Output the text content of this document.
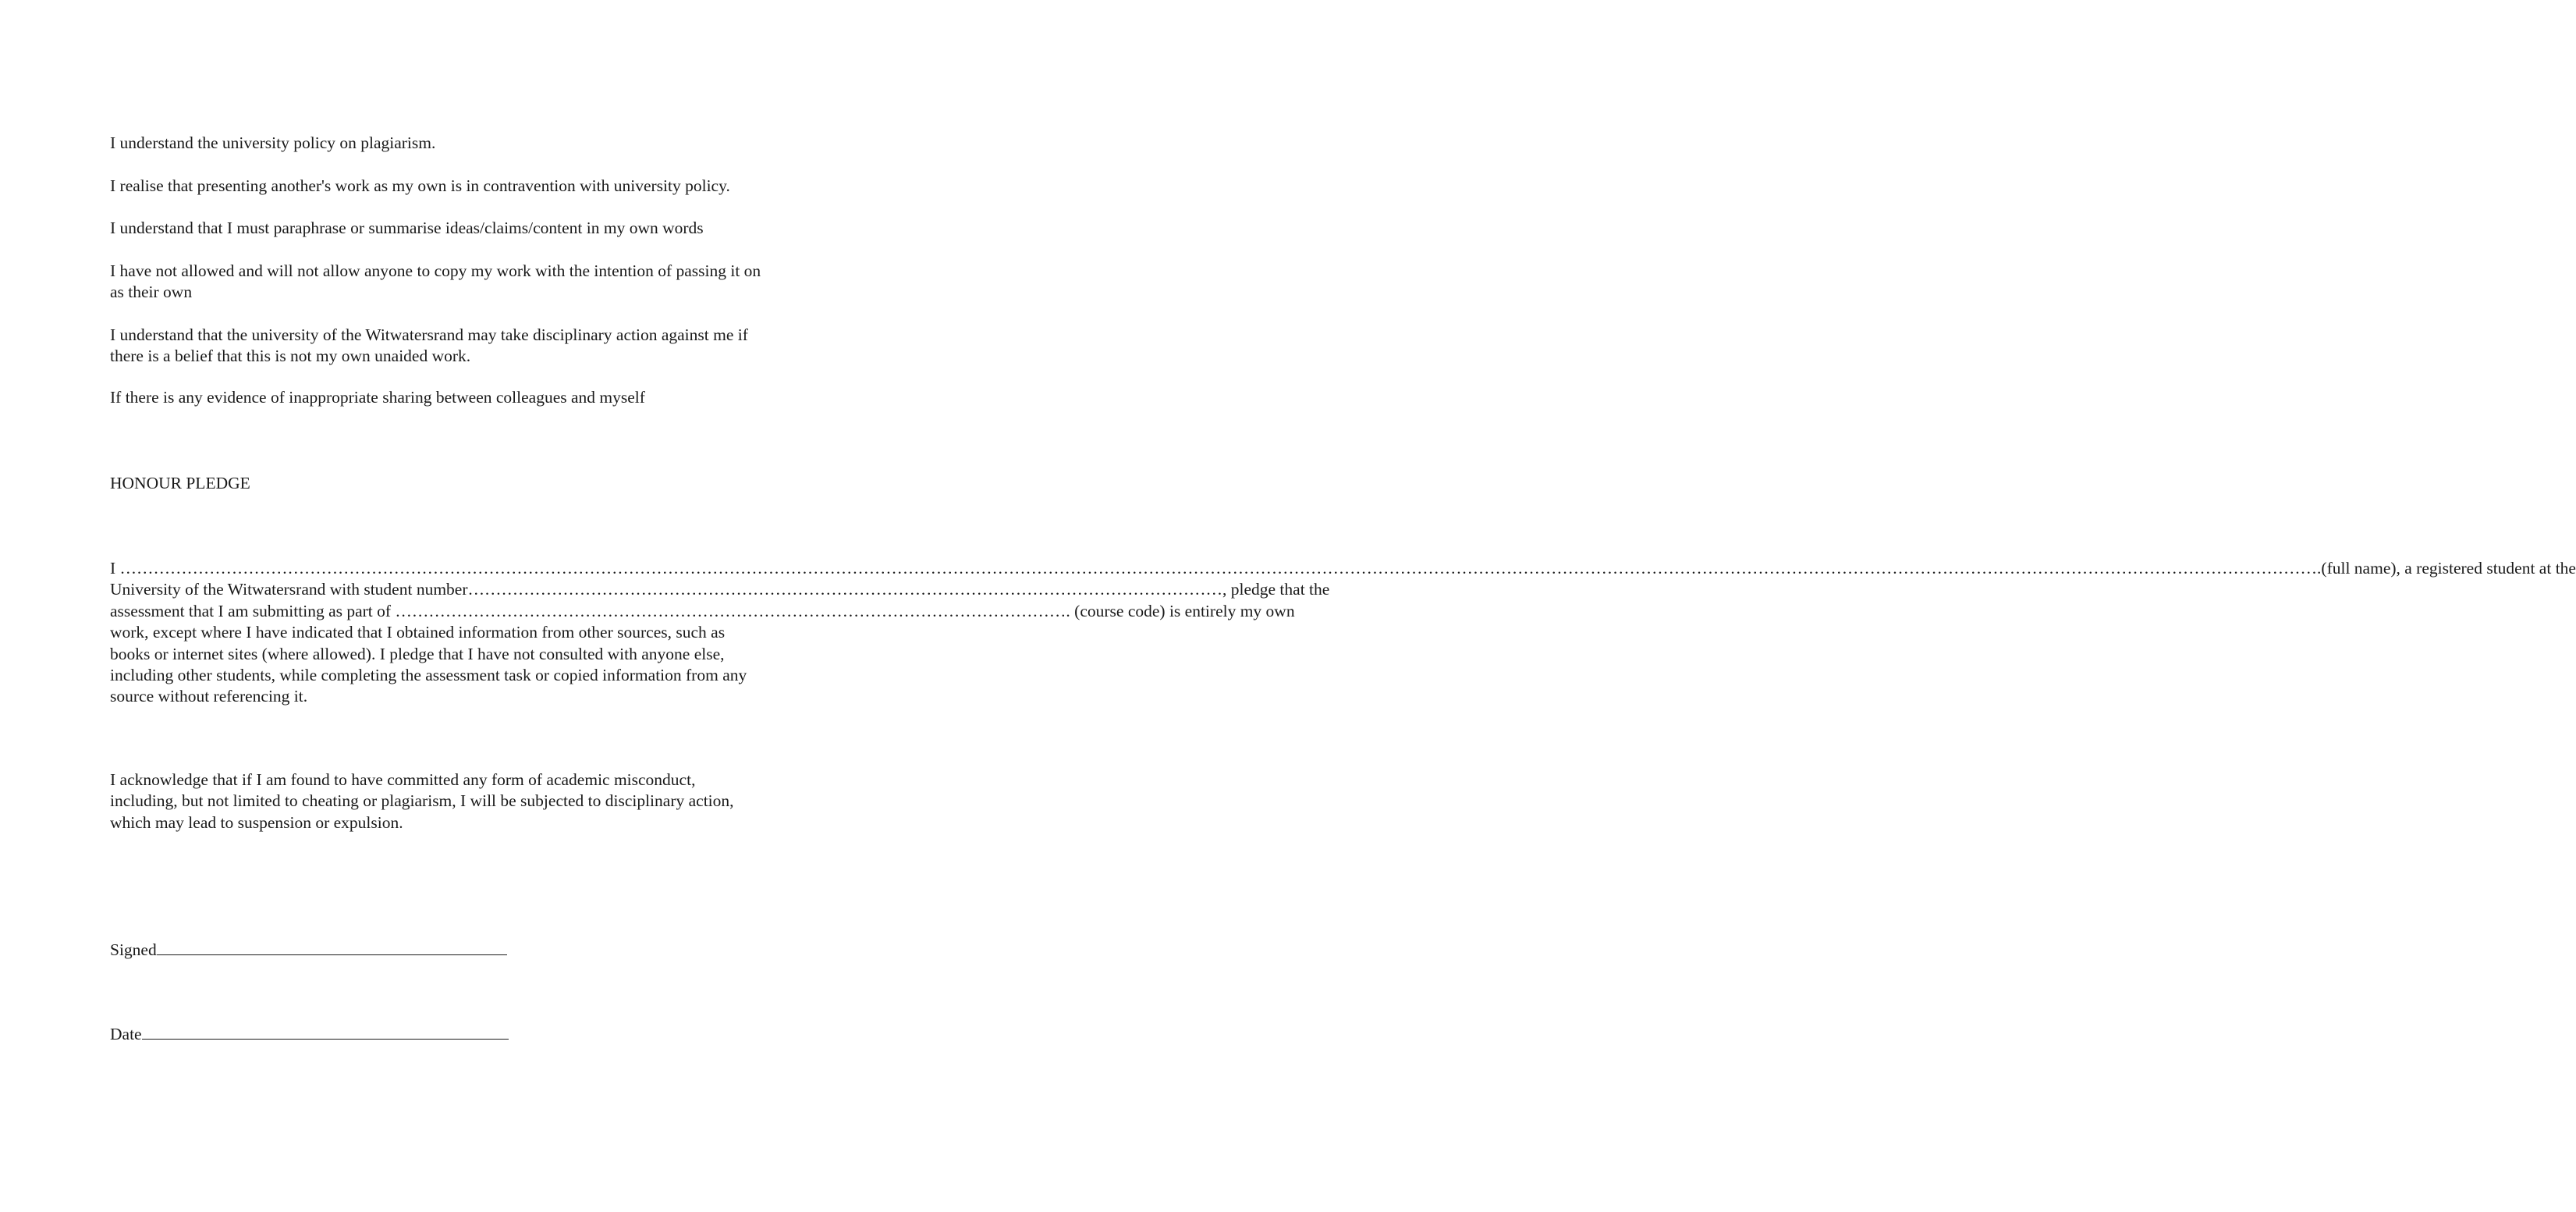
I understand the university policy on plagiarism.

I realise that presenting another's work as my own is in contravention with university policy.

I understand that I must paraphrase or summarise ideas/claims/content in my own words

I have not allowed and will not allow anyone to copy my work with the intention of passing it on
as their own

I understand that the university of the Witwatersrand may take disciplinary action against me if
there is a belief that this is not my own unaided work.

If there is any evidence of inappropriate sharing between colleagues and myself

HONOUR PLEDGE

I …………………………………………………………………………………………………………………………………………………………………………………………………………………………………………………………………………………………………………………………………………………………….(full name), a registered student at the
University of the Witwatersrand with student number………………………………………………………………………………………………………………………, pledge that the
assessment that I am submitting as part of …………………………………………………………………………………………………………. (course code) is entirely my own
work, except where I have indicated that I obtained information from other sources, such as
books or internet sites (where allowed). I pledge that I have not consulted with anyone else,
including other students, while completing the assessment task or copied information from any
source without referencing it.

I acknowledge that if I am found to have committed any form of academic misconduct,
including, but not limited to cheating or plagiarism, I will be subjected to disciplinary action,
which may lead to suspension or expulsion.

Signed
Date
